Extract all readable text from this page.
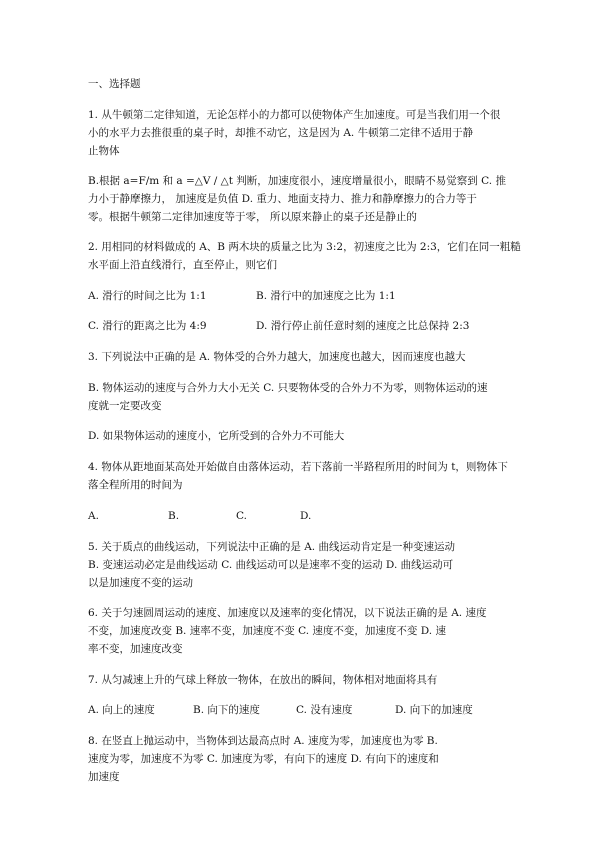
一、选择题
1. 从牛顿第二定律知道，无论怎样小的力都可以使物体产生加速度。可是当我们用一个很
小的水平力去推很重的桌子时，却推不动它，这是因为 A. 牛顿第二定律不适用于静
止物体
B.根据 a=F/m 和 a =△V / △t 判断，加速度很小，速度增量很小，眼睛不易觉察到 C. 推
力小于静摩擦力， 加速度是负值 D. 重力、地面支持力、推力和静摩擦力的合力等于
零。根据牛顿第二定律加速度等于零， 所以原来静止的桌子还是静止的
2. 用相同的材料做成的 A、B 两木块的质量之比为 3:2，初速度之比为 2:3，它们在同一粗糙
水平面上沿直线滑行，直至停止，则它们
A. 滑行的时间之比为 1:1	B. 滑行中的加速度之比为 1:1
C. 滑行的距离之比为 4:9	D. 滑行停止前任意时刻的速度之比总保持 2:3
3. 下列说法中正确的是 A. 物体受的合外力越大，加速度也越大，因而速度也越大
B. 物体运动的速度与合外力大小无关 C. 只要物体受的合外力不为零，则物体运动的速
度就一定要改变
D. 如果物体运动的速度小，它所受到的合外力不可能大
4. 物体从距地面某高处开始做自由落体运动，若下落前一半路程所用的时间为 t，则物体下
落全程所用的时间为
A.	B.	C.	D.
5. 关于质点的曲线运动，下列说法中正确的是 A. 曲线运动肯定是一种变速运动
B. 变速运动必定是曲线运动 C. 曲线运动可以是速率不变的运动 D. 曲线运动可
以是加速度不变的运动
6. 关于匀速圆周运动的速度、加速度以及速率的变化情况，以下说法正确的是 A. 速度
不变，加速度改变 B. 速率不变，加速度不变 C. 速度不变，加速度不变 D. 速
率不变，加速度改变
7. 从匀减速上升的气球上释放一物体，在放出的瞬间，物体相对地面将具有
A. 向上的速度	B. 向下的速度	C. 没有速度	D. 向下的加速度
8. 在竖直上抛运动中，当物体到达最高点时 A. 速度为零，加速度也为零 B.
速度为零，加速度不为零 C. 加速度为零，有向下的速度 D. 有向下的速度和
加速度
